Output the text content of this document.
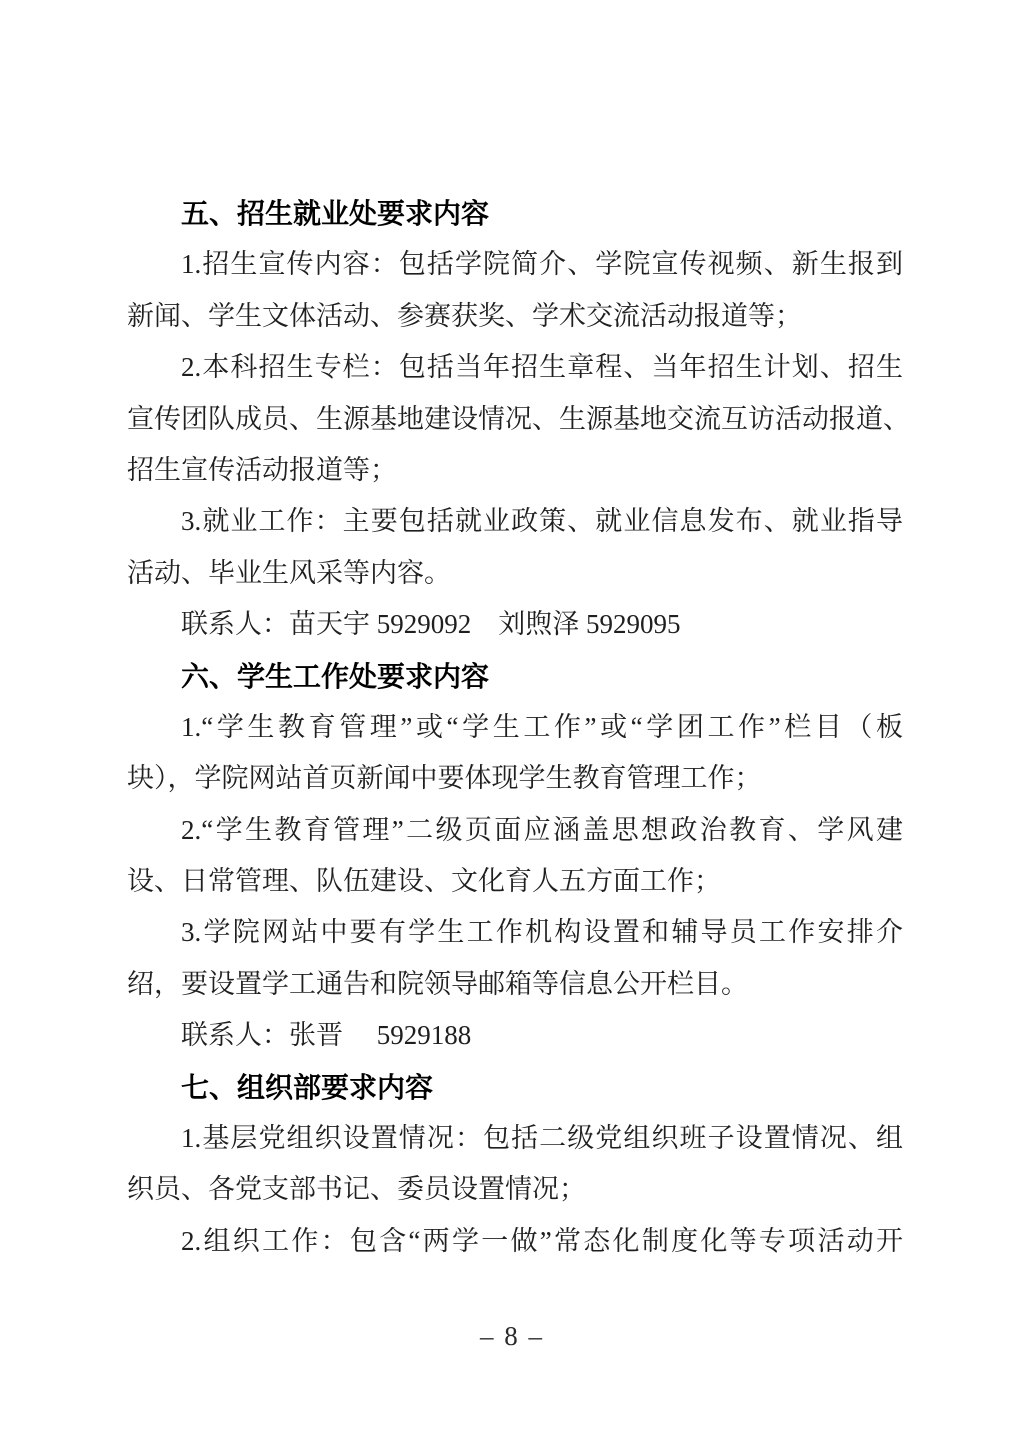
五、招生就业处要求内容
1.招生宣传内容：包括学院简介、学院宣传视频、新生报到
新闻、学生文体活动、参赛获奖、学术交流活动报道等；
2.本科招生专栏：包括当年招生章程、当年招生计划、招生
宣传团队成员、生源基地建设情况、生源基地交流互访活动报道、
招生宣传活动报道等；
3.就业工作：主要包括就业政策、就业信息发布、就业指导
活动、毕业生风采等内容。
联系人：苗天宇 5929092　刘煦泽 5929095
六、学生工作处要求内容
1.“学生教育管理”或“学生工作”或“学团工作”栏目（板
块），学院网站首页新闻中要体现学生教育管理工作；
2.“学生教育管理”二级页面应涵盖思想政治教育、学风建
设、日常管理、队伍建设、文化育人五方面工作；
3.学院网站中要有学生工作机构设置和辅导员工作安排介
绍，要设置学工通告和院领导邮箱等信息公开栏目。
联系人：张晋　 5929188
七、组织部要求内容
1.基层党组织设置情况：包括二级党组织班子设置情况、组
织员、各党支部书记、委员设置情况；
2.组织工作：包含“两学一做”常态化制度化等专项活动开
– 8 –
